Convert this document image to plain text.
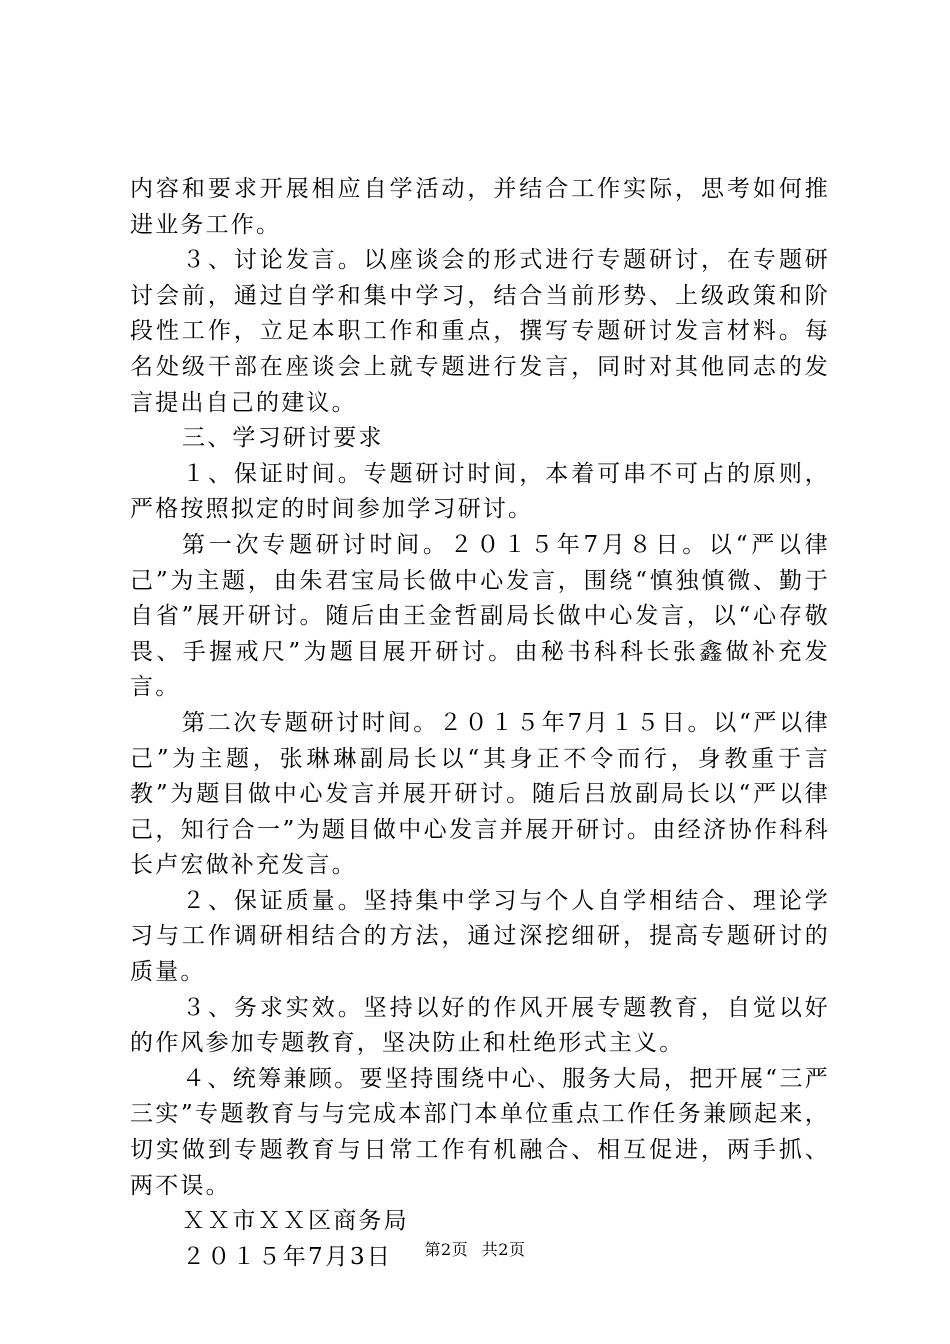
内容和要求开展相应自学活动，并结合工作实际，思考如何推进业务工作。

３、讨论发言。以座谈会的形式进行专题研讨，在专题研讨会前，通过自学和集中学习，结合当前形势、上级政策和阶段性工作，立足本职工作和重点，撰写专题研讨发言材料。每名处级干部在座谈会上就专题进行发言，同时对其他同志的发言提出自己的建议。

三、学习研讨要求

１、保证时间。专题研讨时间，本着可串不可占的原则，严格按照拟定的时间参加学习研讨。

第一次专题研讨时间。２０１５年7月８日。以“严以律己”为主题，由朱君宝局长做中心发言，围绕“慎独慎微、勤于自省”展开研讨。随后由王金哲副局长做中心发言，以“心存敬畏、手握戒尺”为题目展开研讨。由秘书科科长张鑫做补充发言。

第二次专题研讨时间。２０１５年7月１５日。以“严以律己”为主题，张琳琳副局长以“其身正不令而行，身教重于言教”为题目做中心发言并展开研讨。随后吕放副局长以“严以律己，知行合一”为题目做中心发言并展开研讨。由经济协作科科长卢宏做补充发言。

２、保证质量。坚持集中学习与个人自学相结合、理论学习与工作调研相结合的方法，通过深挖细研，提高专题研讨的质量。

３、务求实效。坚持以好的作风开展专题教育，自觉以好的作风参加专题教育，坚决防止和杜绝形式主义。

４、统筹兼顾。要坚持围绕中心、服务大局，把开展“三严三实”专题教育与与完成本部门本单位重点工作任务兼顾起来，切实做到专题教育与日常工作有机融合、相互促进，两手抓、两不误。

ＸＸ市ＸＸ区商务局

２０１５年7月3日	第2页 共2页
